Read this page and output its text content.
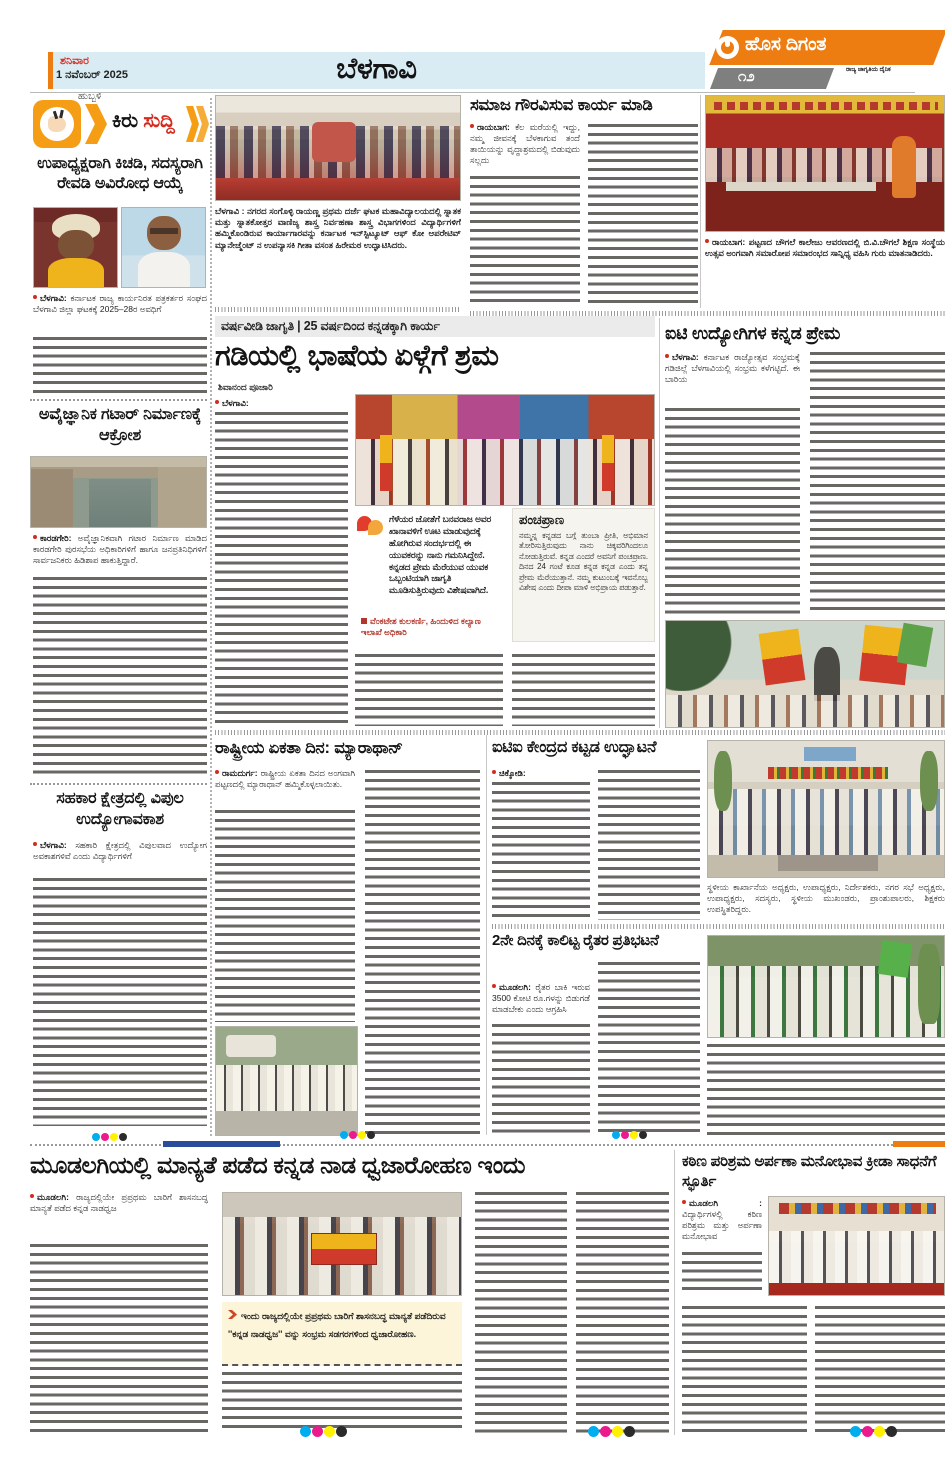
ಶನಿವಾರ
1 ನವೆಂಬರ್ 2025
ಹುಬ್ಬಳಿ
ಬೆಳಗಾವಿ
ಹೊಸ ದಿಗಂತ
ರಾಜ್ಯ ಜಾಗೃತಿಯ ದೈನಿಕ
೧೨
ಕಿರು ಸುದ್ದಿ
ಉಪಾಧ್ಯಕ್ಷರಾಗಿ ಕಿಚಡಿ, ಸದಸ್ಯರಾಗಿ ರೇವಡಿ ಅವಿರೋಧ ಆಯ್ಕೆ
ಬೆಳಗಾವಿ: ಕರ್ನಾಟಕ ರಾಜ್ಯ ಕಾರ್ಯನಿರತ ಪತ್ರಕರ್ತರ ಸಂಘದ ಬೆಳಗಾವಿ ಜಿಲ್ಲಾ ಘಟಕಕ್ಕೆ 2025–28ರ ಅವಧಿಗೆ
ಅವೈಜ್ಞಾನಿಕ ಗಟಾರ್ ನಿರ್ಮಾಣಕ್ಕೆ ಆಕ್ರೋಶ
ಕಾರಡಗೇರಿ: ಅವೈಜ್ಞಾನಿಕವಾಗಿ ಗಟಾರ ನಿರ್ಮಾಣ ಮಾಡಿದ ಕಾರಡಗೇರಿ ಪುರಸಭೆಯ ಅಧಿಕಾರಿಗಳಿಗೆ ಹಾಗೂ ಜನಪ್ರತಿನಿಧಿಗಳಿಗೆ ಸಾರ್ವಜನಿಕರು ಹಿಡಿಶಾಪ ಹಾಕುತ್ತಿದ್ದಾರೆ.
ಸಹಕಾರ ಕ್ಷೇತ್ರದಲ್ಲಿ ವಿಪುಲ ಉದ್ಯೋಗಾವಕಾಶ
ಬೆಳಗಾವಿ: ಸಹಕಾರಿ ಕ್ಷೇತ್ರದಲ್ಲಿ ವಿಪುಲವಾದ ಉದ್ಯೋಗ ಅವಕಾಶಗಳಿವೆ ಎಂದು ವಿದ್ಯಾರ್ಥಿಗಳಿಗೆ
ಬೆಳಗಾವಿ : ನಗರದ ಸಂಗೊಳ್ಳಿ ರಾಯಣ್ಣ ಪ್ರಥಮ ದರ್ಜೆ ಘಟಕ ಮಹಾವಿದ್ಯಾಲಯದಲ್ಲಿ ಸ್ನಾತಕ ಮತ್ತು ಸ್ನಾತಕೋತ್ತರ ವಾಣಿಜ್ಯ ಶಾಸ್ತ್ರ ನಿರ್ವಹಣಾ ಶಾಸ್ತ್ರ ವಿಭಾಗಗಳಿಂದ ವಿದ್ಯಾರ್ಥಿಗಳಿಗೆ ಹಮ್ಮಿಕೊಂಡಿರುವ ಕಾರ್ಯಾಗಾರವನ್ನು ಕರ್ನಾಟಕ ಇನ್‌ಸ್ಟಿಟ್ಯೂಟ್ ಆಫ್ ಕೋ ಆಪರೇಟಿವ್ ಮ್ಯಾನೇಜ್ಮೆಂಟ್ ನ ಉಪನ್ಯಾಸಕಿ ಗೀತಾ ವಸಂತ ಹಿರೇಮಠ ಉದ್ಘಾಟಿಸಿದರು.
ಸಮಾಜ ಗೌರವಿಸುವ ಕಾರ್ಯ ಮಾಡಿ
ರಾಯಬಾಗ: ಕೆಲ ಮರೆಯಲ್ಲಿ ಇದ್ದು, ನಮ್ಮ ಜೀವನಕ್ಕೆ ಬೆಳಕಾಗುವ ತಂದೆ ತಾಯಿಯನ್ನು ವೃದ್ಧಾಶ್ರಮದಲ್ಲಿ ಬಿಡುವುದು ಸಲ್ಲದು
ರಾಯಬಾಗ: ಪಟ್ಟಣದ ಚೌಗಲೆ ಕಾಲೇಜು ಆವರಣದಲ್ಲಿ ಬಿ.ವಿ.ಚೌಗಲೆ ಶಿಕ್ಷಣ ಸಂಸ್ಥೆಯ ಉತ್ಸವ ಅಂಗವಾಗಿ ಸಮಾರೋಪ ಸಮಾರಂಭದ ಸಾನ್ನಿಧ್ಯ ವಹಿಸಿ ಗುರು ಮಾತನಾಡಿದರು.
ವರ್ಷವೀಡಿ ಜಾಗೃತಿ | 25 ವರ್ಷದಿಂದ ಕನ್ನಡಕ್ಕಾಗಿ ಕಾರ್ಯ
ಗಡಿಯಲ್ಲಿ ಭಾಷೆಯ ಏಳ್ಗೆಗೆ ಶ್ರಮ
ಶಿವಾನಂದ ಪೂಜಾರಿ
ಬೆಳಗಾವಿ:
ಗೆಳೆಯರ ಜೋತೆಗೆ ಬನವರಾಜ ಅವರ ಖಾನಾವಳಿಗೆ ಊಟ ಮಾಡುವುದಕ್ಕೆ ಹೋಗಿರುವ ಸಂದರ್ಭದಲ್ಲಿ ಈ ಯುವಕರನ್ನು ನಾನು ಗಮನಿಸಿದ್ದೇನೆ. ಕನ್ನಡದ ಪ್ರೇಮ ಮೆರೆಯುವ ಯುವಕ ಒಬ್ಬಂಟಿಯಾಗಿ ಜಾಗೃತಿ ಮೂಡಿಸುತ್ತಿರುವುದು ವಿಶೇಷವಾಗಿದೆ.
ವೆಂಕಟೇಶ ಕುಲಕರ್ಣಿ, ಹಿಂದುಳಿದ ಕಲ್ಯಾಣ ಇಲಾಖೆ ಅಧಿಕಾರಿ
ಪಂಚಪ್ರಾಣ
ನಮ್ಮನ್ನ ಕನ್ನಡದ ಬಗ್ಗೆ ತುಂಬಾ ಪ್ರೀತಿ, ಅಭಿಮಾನ ತೋರಿಸುತ್ತಿರುವುದು ನಾನು ಚಿಕ್ಕವರಿಗಿಂದಲೂ ನೋಡುತ್ತಿರುವೆ. ಕನ್ನಡ ಎಂದರೆ ಅವನಿಗೆ ಪಂಚಪ್ರಾಣ. ದಿನದ 24 ಗಂಟೆ ಕೂಡ ಕನ್ನಡ ಕನ್ನಡ ಎಂದು ತನ್ನ ಪ್ರೇಮ ಮೆರೆಯುತ್ತಾನೆ. ನಮ್ಮ ಕುಟುಂಬಕ್ಕೆ ಇವನೊಬ್ಬ ವಿಶೇಷ ಎಂದು ದೀಪಾ ಮಾಳಿ ಅಭಿಪ್ರಾಯ ಪಡುತ್ತಾರೆ.
ಐಟಿ ಉದ್ಯೋಗಿಗಳ ಕನ್ನಡ ಪ್ರೇಮ
ಬೆಳಗಾವಿ: ಕರ್ನಾಟಕ ರಾಜ್ಯೋತ್ಸವ ಸಂಭ್ರಮಕ್ಕೆ ಗಡಿಜಿಲ್ಲೆ ಬೆಳಗಾವಿಯಲ್ಲಿ ಸಂಭ್ರಮ ಕಳೆಗಟ್ಟಿದೆ. ಈ ಬಾರಿಯ
ರಾಷ್ಟ್ರೀಯ ಏಕತಾ ದಿನ: ಮ್ಯಾರಾಥಾನ್
ರಾಮದುರ್ಗ: ರಾಷ್ಟ್ರೀಯ ಏಕತಾ ದಿನದ ಅಂಗವಾಗಿ ಪಟ್ಟಣದಲ್ಲಿ ಮ್ಯಾರಾಥಾನ್ ಹಮ್ಮಿಕೊಳ್ಳಲಾಯಿತು.
ಐಟಿಐ ಕೇಂದ್ರದ ಕಟ್ಟಡ ಉದ್ಘಾಟನೆ
ಚಿಕ್ಕೋಡಿ:
ಸ್ಥಳೀಯ ಕಾರ್ಖಾನೆಯ ಅಧ್ಯಕ್ಷರು, ಉಪಾಧ್ಯಕ್ಷರು, ನಿರ್ದೇಶಕರು, ನಗರ ಸಭೆ ಅಧ್ಯಕ್ಷರು, ಉಪಾಧ್ಯಕ್ಷರು, ಸದಸ್ಯರು, ಸ್ಥಳೀಯ ಮುಖಂಡರು, ಪ್ರಾಂಶುಪಾಲರು, ಶಿಕ್ಷಕರು ಉಪಸ್ಥಿತರಿದ್ದರು.
2ನೇ ದಿನಕ್ಕೆ ಕಾಲಿಟ್ಟ ರೈತರ ಪ್ರತಿಭಟನೆ
ಮೂಡಲಗಿ: ರೈತರ ಬಾಕಿ ಇರುವ 3500 ಕೋಟಿ ರೂ.ಗಳನ್ನು ಬಿಡುಗಡೆ ಮಾಡಬೇಕು ಎಂದು ಆಗ್ರಹಿಸಿ
ಮೂಡಲಗಿಯಲ್ಲಿ ಮಾನ್ಯತೆ ಪಡೆದ ಕನ್ನಡ ನಾಡ ಧ್ವಜಾರೋಹಣ ಇಂದು
ಮೂಡಲಗಿ: ರಾಜ್ಯದಲ್ಲಿಯೇ ಪ್ರಪ್ರಥಮ ಬಾರಿಗೆ ಶಾಸನಬದ್ಧ ಮಾನ್ಯತೆ ಪಡೆದ ಕನ್ನಡ ನಾಡಧ್ವಜ
ಇಂದು ರಾಜ್ಯದಲ್ಲಿಯೇ ಪ್ರಪ್ರಥಮ ಬಾರಿಗೆ ಶಾಸನಬದ್ಧ ಮಾನ್ಯತೆ ಪಡೆದಿರುವ ''ಕನ್ನಡ ನಾಡಧ್ವಜ'' ವನ್ನು ಸಂಭ್ರಮ ಸಡಗರಗಳಿಂದ ಧ್ವಜಾರೋಹಣ.
ಕಠಿಣ ಪರಿಶ್ರಮ ಅರ್ಪಣಾ ಮನೋಭಾವ ಕ್ರೀಡಾ ಸಾಧನೆಗೆ ಸ್ಫೂರ್ತಿ
ಮೂಡಲಗಿ : ವಿದ್ಯಾರ್ಥಿಗಳಲ್ಲಿ ಕಠಿಣ ಪರಿಶ್ರಮ ಮತ್ತು ಅರ್ಪಣಾ ಮನೋಭಾವ
